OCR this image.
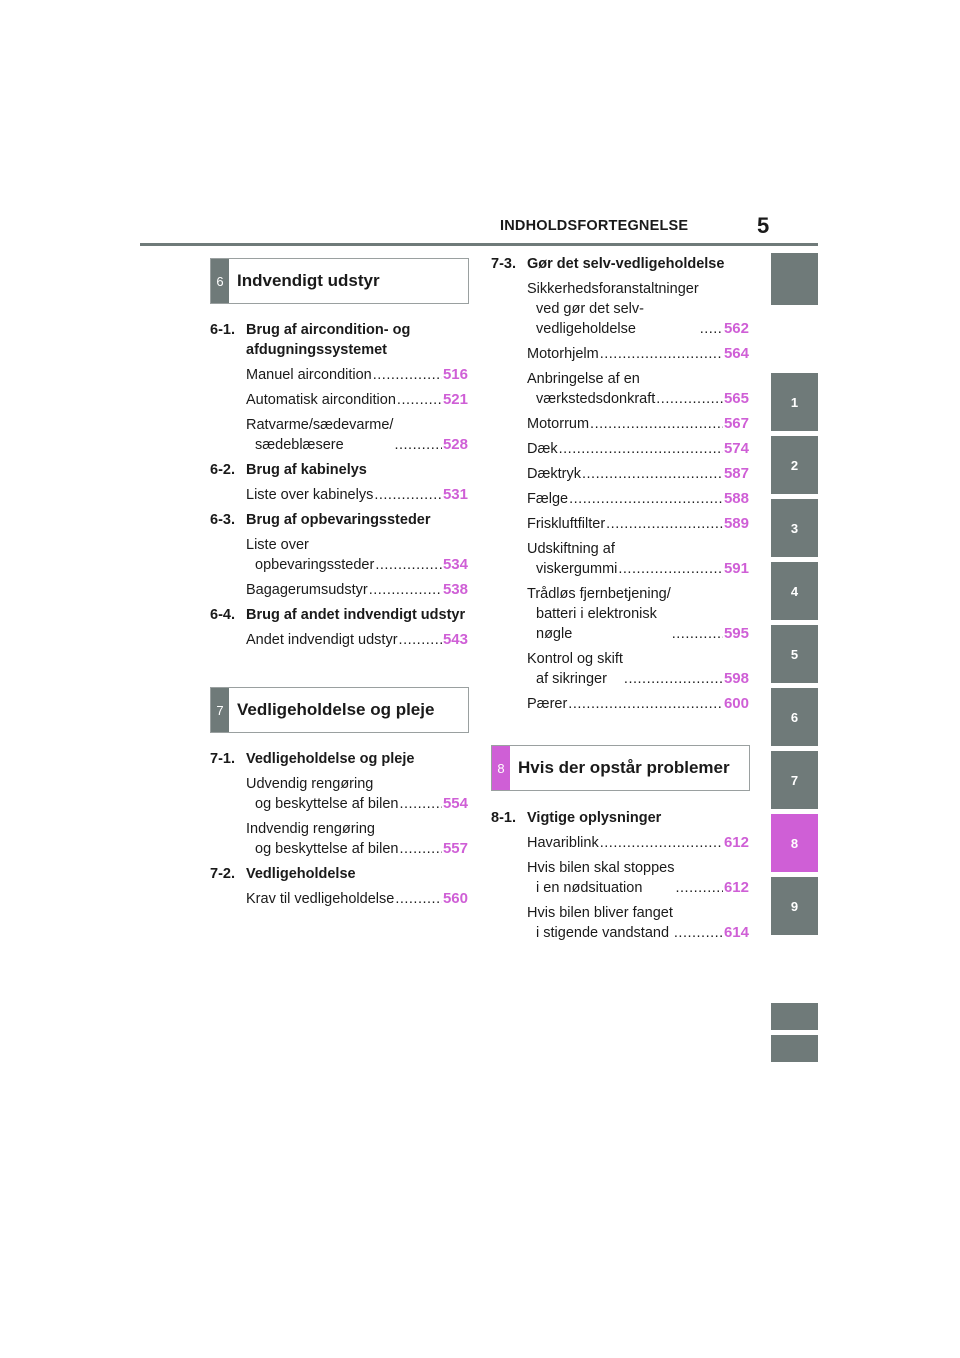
INDHOLDSFORTEGNELSE	5
1
2
3
4
5
6
7
8
9
6 Indvendigt udstyr
7 Vedligeholdelse og pleje
8 Hvis der opstår problemer
6-1. Brug af aircondition- og afdugningssystemet
Manuel aircondition .....	516
Automatisk aircondition .....	521
Ratvarme/sædevarme/
sædeblæsere .....	528
6-2. Brug af kabinelys
Liste over kabinelys .....	531
6-3. Brug af opbevaringssteder
Liste over
opbevaringssteder .....	534
Bagagerumsudstyr .....	538
6-4. Brug af andet indvendigt udstyr
Andet indvendigt udstyr .....	543
7-1. Vedligeholdelse og pleje
Udvendig rengøring
og beskyttelse af bilen .....	554
Indvendig rengøring
og beskyttelse af bilen .....	557
7-2. Vedligeholdelse
Krav til vedligeholdelse .....	560
7-3. Gør det selv-vedligeholdelse
Sikkerhedsforanstaltninger
ved gør det selv-
vedligeholdelse .....	562
Motorhjelm .....	564
Anbringelse af en
værkstedsdonkraft .....	565
Motorrum .....	567
Dæk .....	574
Dæktryk .....	587
Fælge .....	588
Friskluftfilter .....	589
Udskiftning af
viskergummi .....	591
Trådløs fjernbetjening/
batteri i elektronisk
nøgle .....	595
Kontrol og skift
af sikringer .....	598
Pærer .....	600
8-1. Vigtige oplysninger
Havariblink .....	612
Hvis bilen skal stoppes
i en nødsituation .....	612
Hvis bilen bliver fanget
i stigende vandstand .....	614
